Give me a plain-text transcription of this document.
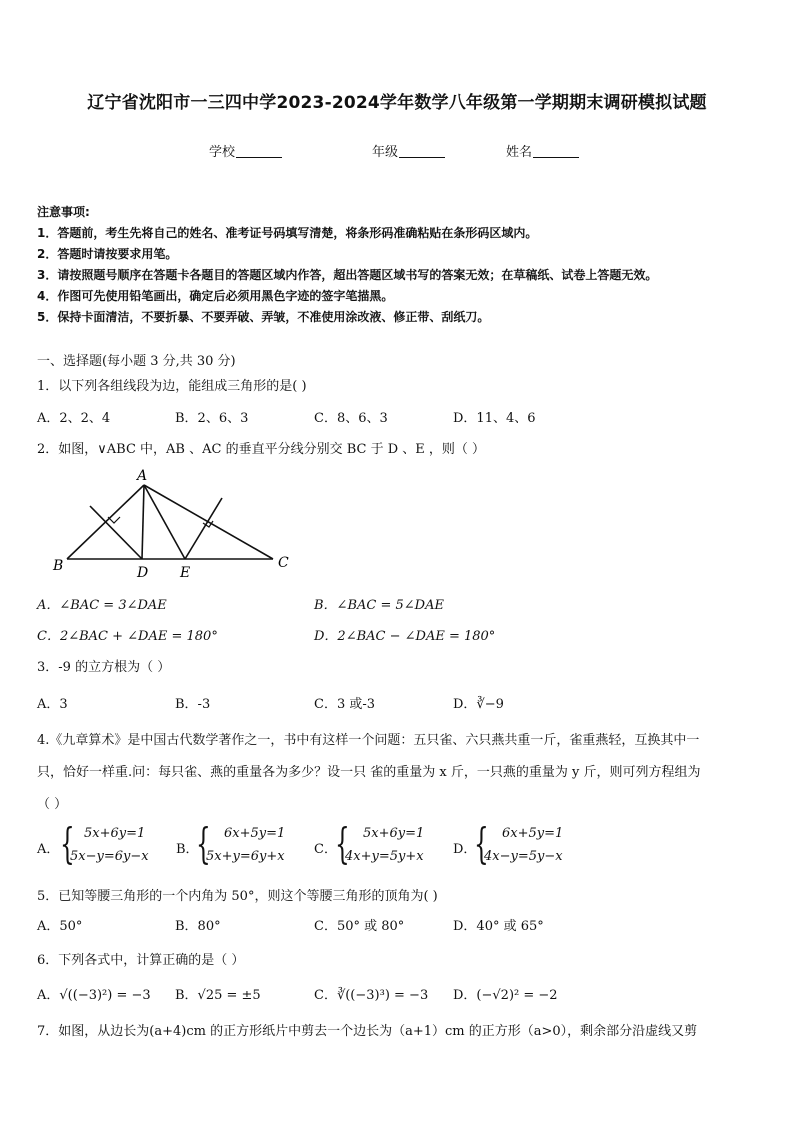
辽宁省沈阳市一三四中学2023-2024学年数学八年级第一学期期末调研模拟试题
学校	年级	姓名
注意事项:
1．答题前，考生先将自己的姓名、准考证号码填写清楚，将条形码准确粘贴在条形码区域内。
2．答题时请按要求用笔。
3．请按照题号顺序在答题卡各题目的答题区域内作答，超出答题区域书写的答案无效；在草稿纸、试卷上答题无效。
4．作图可先使用铅笔画出，确定后必须用黑色字迹的签字笔描黑。
5．保持卡面清洁，不要折暴、不要弄破、弄皱，不准使用涂改液、修正带、刮纸刀。
一、选择题(每小题 3 分,共 30 分)
1．以下列各组线段为边，能组成三角形的是( )
A．2、2、4	B．2、6、3	C．8、6、3	D．11、4、6
2．如图，∨ABC 中，AB 、AC 的垂直平分线分别交 BC 于 D 、E ，则（ ）
A
B	C
D E
A．∠BAC = 3∠DAE	B．∠BAC = 5∠DAE
C．2∠BAC + ∠DAE = 180°	D．2∠BAC − ∠DAE = 180°
3．-9 的立方根为（ ）
A．3	B．-3	C．3 或-3	D．∛−9
4.《九章算术》是中国古代数学著作之一，书中有这样一个问题：五只雀、六只燕共重一斤，雀重燕轻，互换其中一
只，恰好一样重.问：每只雀、燕的重量各为多少？设一只 雀的重量为 x 斤，一只燕的重量为 y 斤，则可列方程组为
（ ）
A． { 5x+6y=1
5x−y=6y−x B．
{ 6x+5y=1
5x+y=6y+x C．
{ 5x+6y=1
4x+y=5y+x D．
{ 6x+5y=1
4x−y=5y−x
5．已知等腰三角形的一个内角为 50°，则这个等腰三角形的顶角为( )
A．50°	B．80°	C．50° 或 80°	D．40° 或 65°
6．下列各式中，计算正确的是（ ）
A．√((−3)²) = −3 B．√25 = ±5	C．∛((−3)³) = −3 D．(−√2)² = −2
7．如图，从边长为(a+4)cm 的正方形纸片中剪去一个边长为（a+1）cm 的正方形（a>0），剩余部分沿虚线又剪
